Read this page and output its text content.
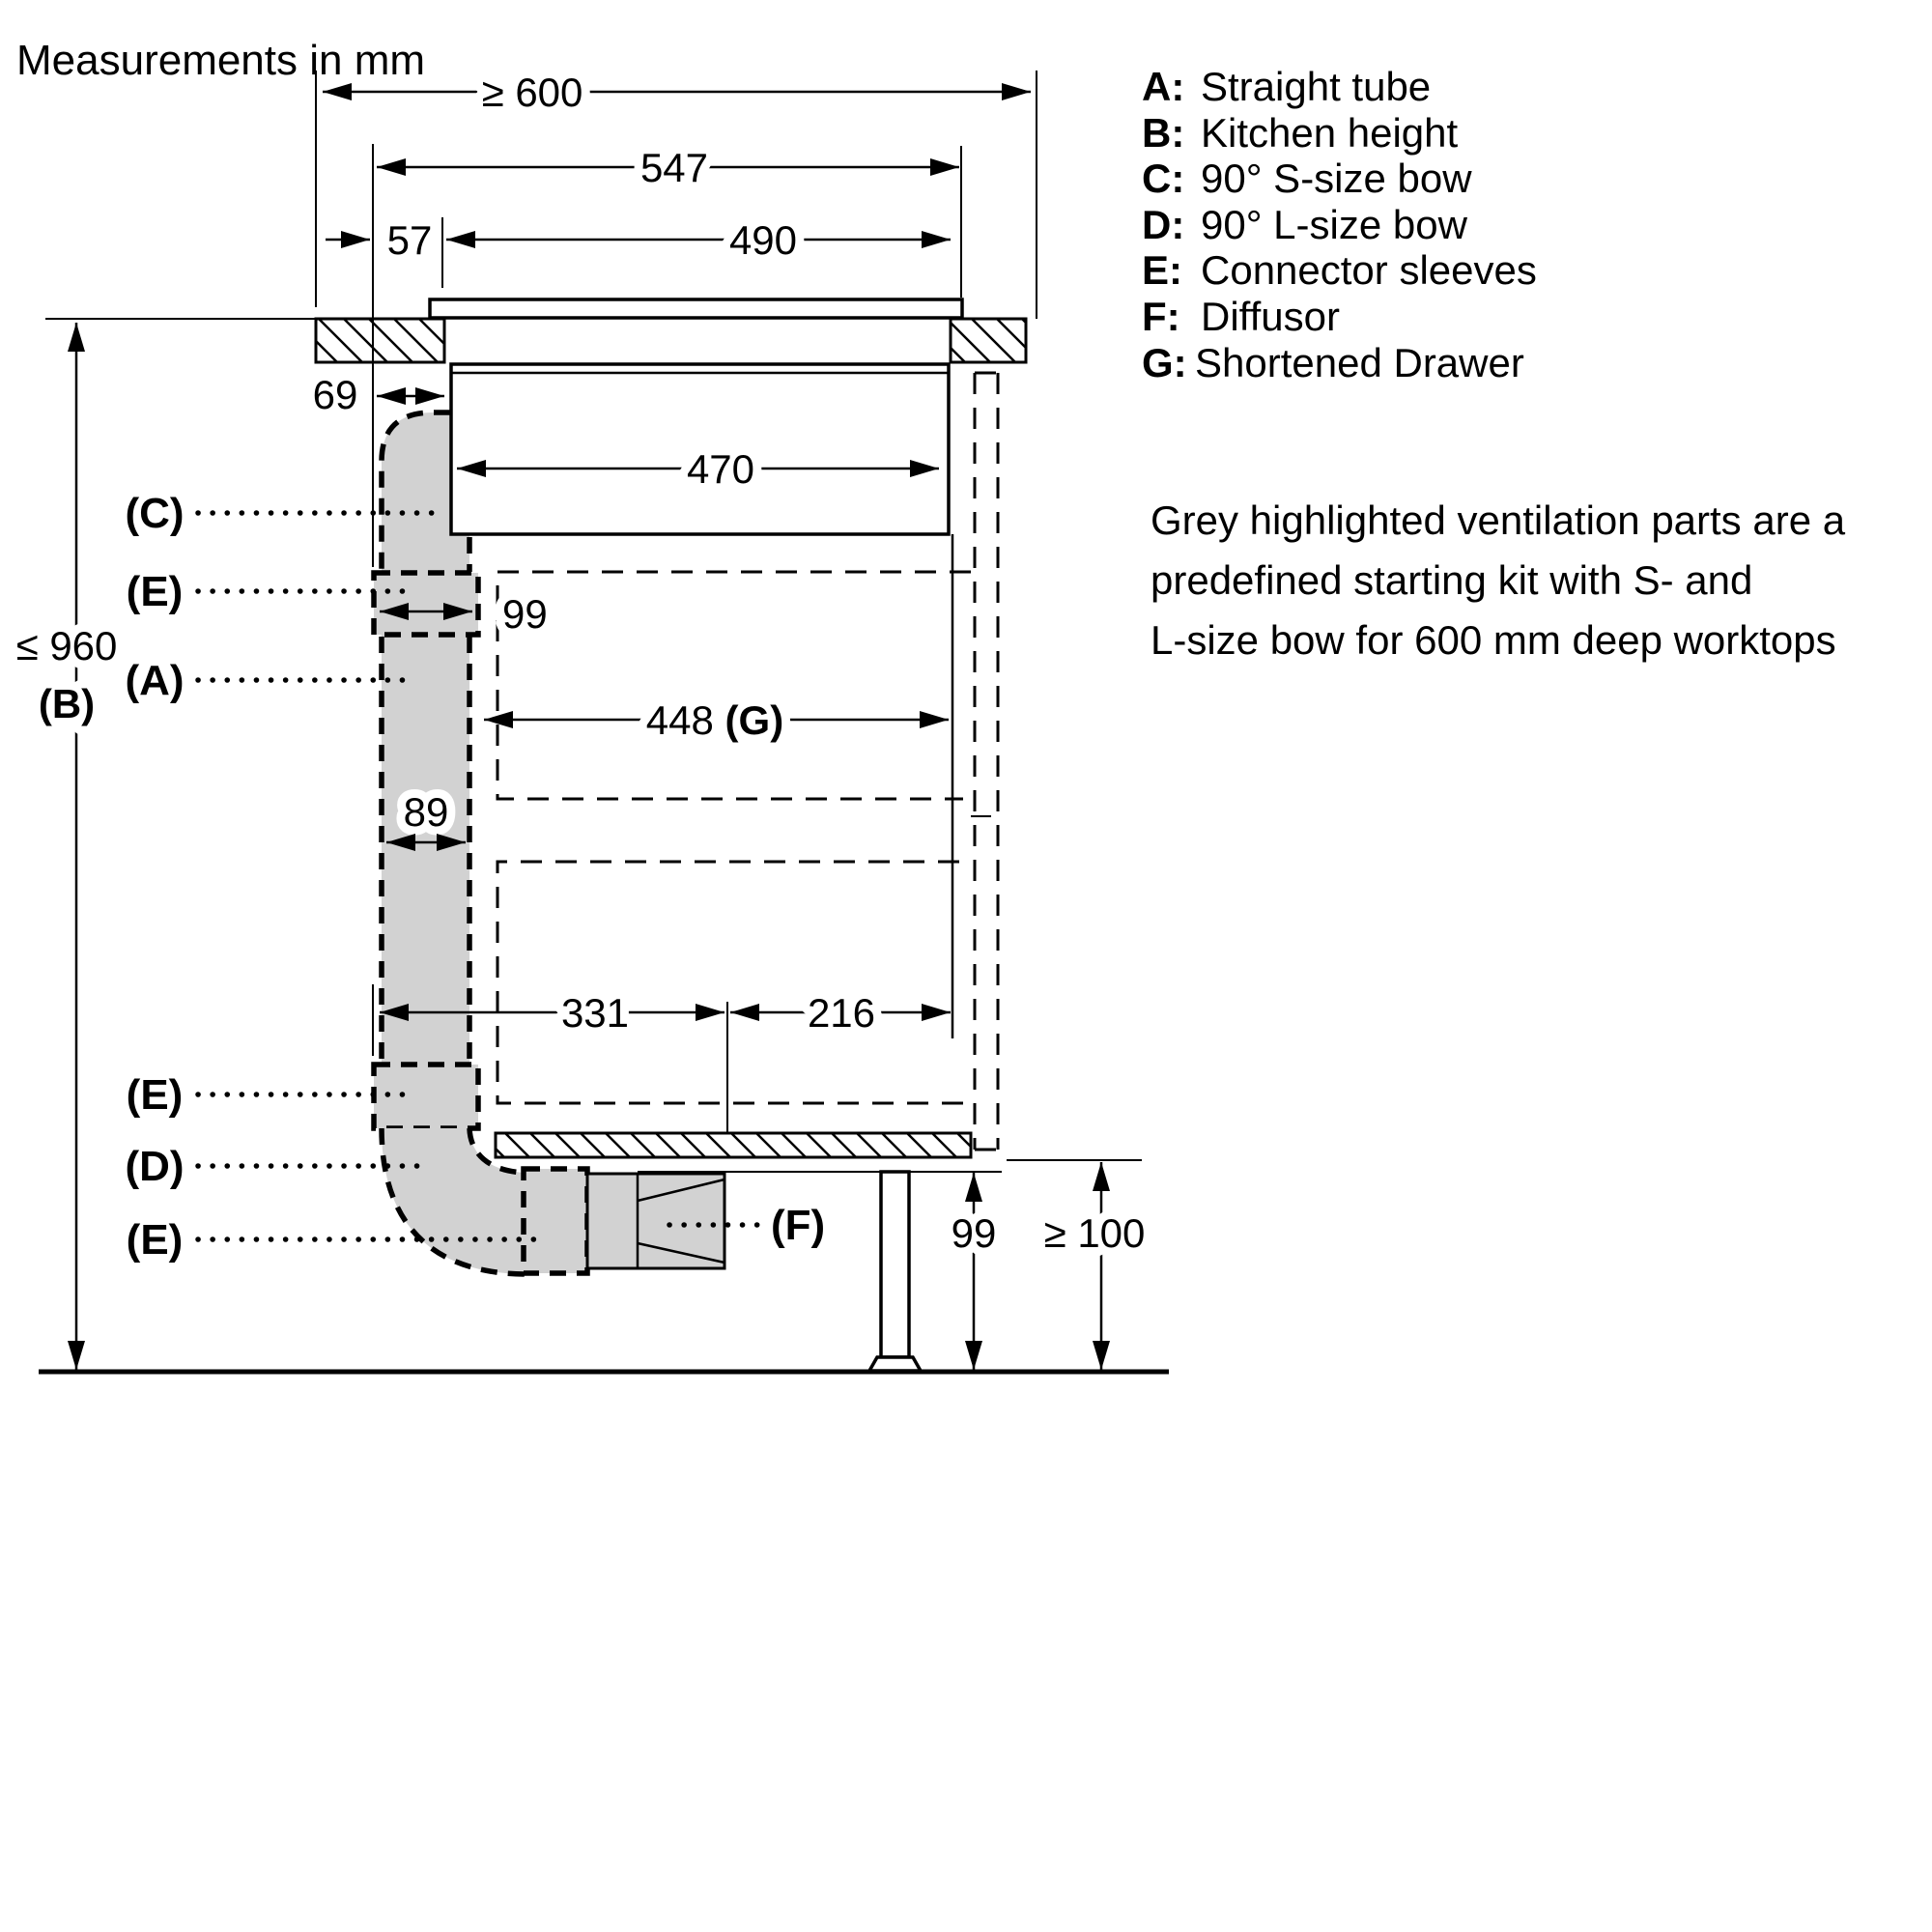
Measurements in mm
A: Straight tube
B: Kitchen height
C: 90° S-size bow
D: 90° L-size bow
E: Connector sleeves
F: Diffusor
G: Shortened Drawer
Grey highlighted ventilation parts are a
predefined starting kit with S- and
L-size bow for 600 mm deep worktops
≥ 600
547
57	490
69
470
99
448 (G)
89
331	216
≤ 960
(B)
99 ≥ 100
(C)
(E)
(A)
(E)
(D)
(E)	(F)
